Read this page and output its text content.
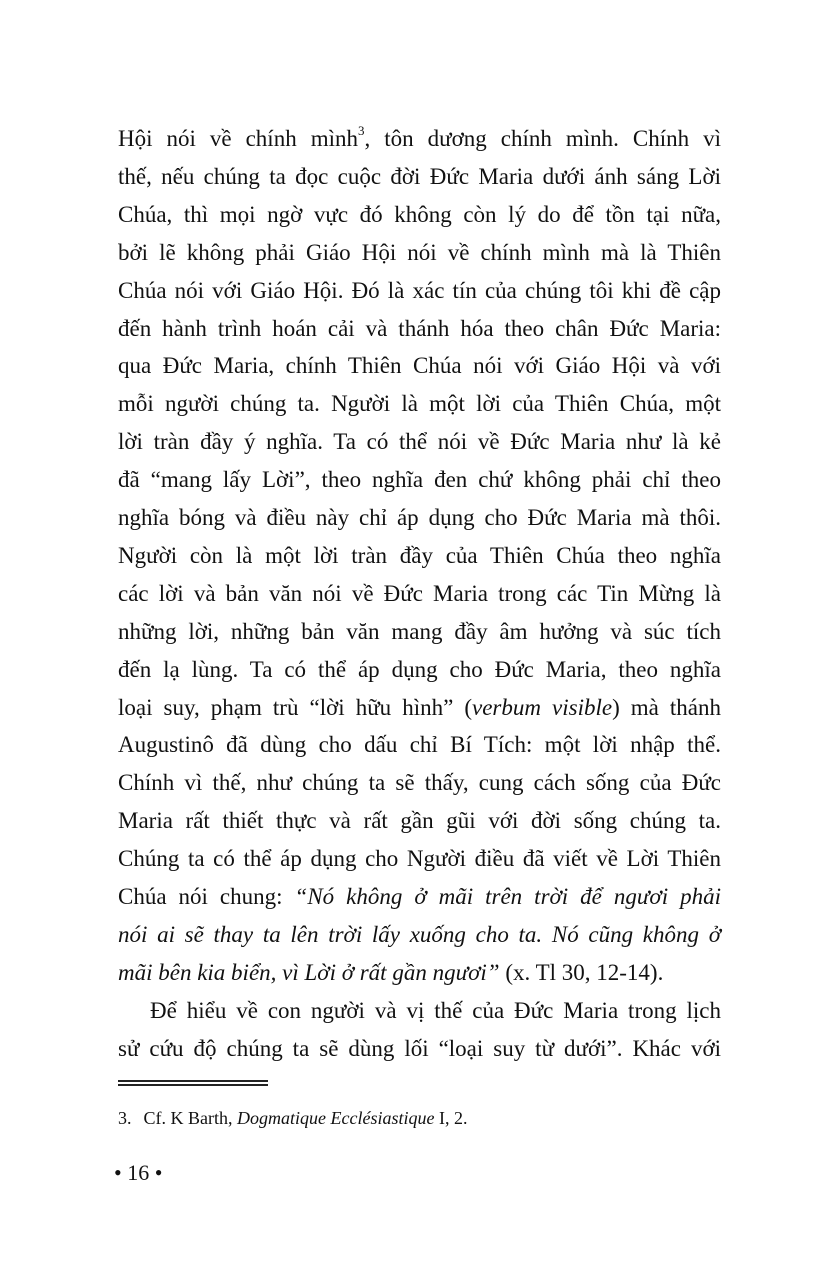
Hội nói về chính mình$^3$, tôn dương chính mình. Chính vì
thế, nếu chúng ta đọc cuộc đời Đức Maria dưới ánh sáng Lời
Chúa, thì mọi ngờ vực đó không còn lý do để tồn tại nữa,
bởi lẽ không phải Giáo Hội nói về chính mình mà là Thiên
Chúa nói với Giáo Hội. Đó là xác tín của chúng tôi khi đề cập
đến hành trình hoán cải và thánh hóa theo chân Đức Maria:
qua Đức Maria, chính Thiên Chúa nói với Giáo Hội và với
mỗi người chúng ta. Người là một lời của Thiên Chúa, một
lời tràn đầy ý nghĩa. Ta có thể nói về Đức Maria như là kẻ
đã “mang lấy Lời”, theo nghĩa đen chứ không phải chỉ theo
nghĩa bóng và điều này chỉ áp dụng cho Đức Maria mà thôi.
Người còn là một lời tràn đầy của Thiên Chúa theo nghĩa
các lời và bản văn nói về Đức Maria trong các Tin Mừng là
những lời, những bản văn mang đầy âm hưởng và súc tích
đến lạ lùng. Ta có thể áp dụng cho Đức Maria, theo nghĩa
loại suy, phạm trù “lời hữu hình” (verbum visible) mà thánh
Augustinô đã dùng cho dấu chỉ Bí Tích: một lời nhập thể.
Chính vì thế, như chúng ta sẽ thấy, cung cách sống của Đức
Maria rất thiết thực và rất gần gũi với đời sống chúng ta.
Chúng ta có thể áp dụng cho Người điều đã viết về Lời Thiên
Chúa nói chung: “Nó không ở mãi trên trời để ngươi phải
nói ai sẽ thay ta lên trời lấy xuống cho ta. Nó cũng không ở
mãi bên kia biển, vì Lời ở rất gần ngươi” (x. Tl 30, 12-14).
Để hiểu về con người và vị thế của Đức Maria trong lịch
sử cứu độ chúng ta sẽ dùng lối “loại suy từ dưới”. Khác với
3. Cf. K Barth, Dogmatique Ecclésiastique I, 2.
• 16 •
